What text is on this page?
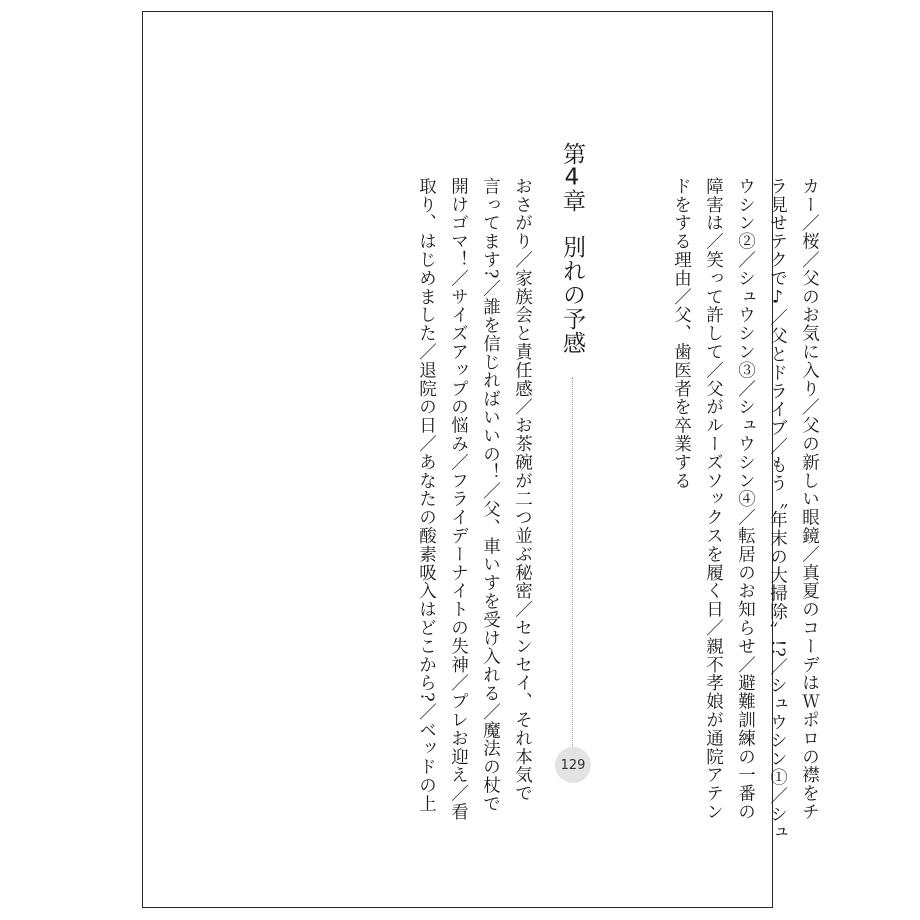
カー／桜／父のお気に入り／父の新しい眼鏡／真夏のコーデはＷポロの襟をチ
ラ見せテクで♪／父とドライブ／もう〝年末の大掃除〟!?／シュウシン①／シュ
ウシン②／シュウシン③／シュウシン④／転居のお知らせ／避難訓練の一番の
障害は／笑って許して／父がルーズソックスを履く日／親不孝娘が通院アテン
ドをする理由／父、歯医者を卒業する
第4章別れの予感
129
おさがり／家族会と責任感／お茶碗が二つ並ぶ秘密／センセイ、それ本気で
言ってます?／誰を信じればいいの！／父、車いすを受け入れる／魔法の杖で
開けゴマ！／サイズアップの悩み／フライデーナイトの失神／プレお迎え／看
取り、はじめました／退院の日／あなたの酸素吸入はどこから?／ベッドの上
